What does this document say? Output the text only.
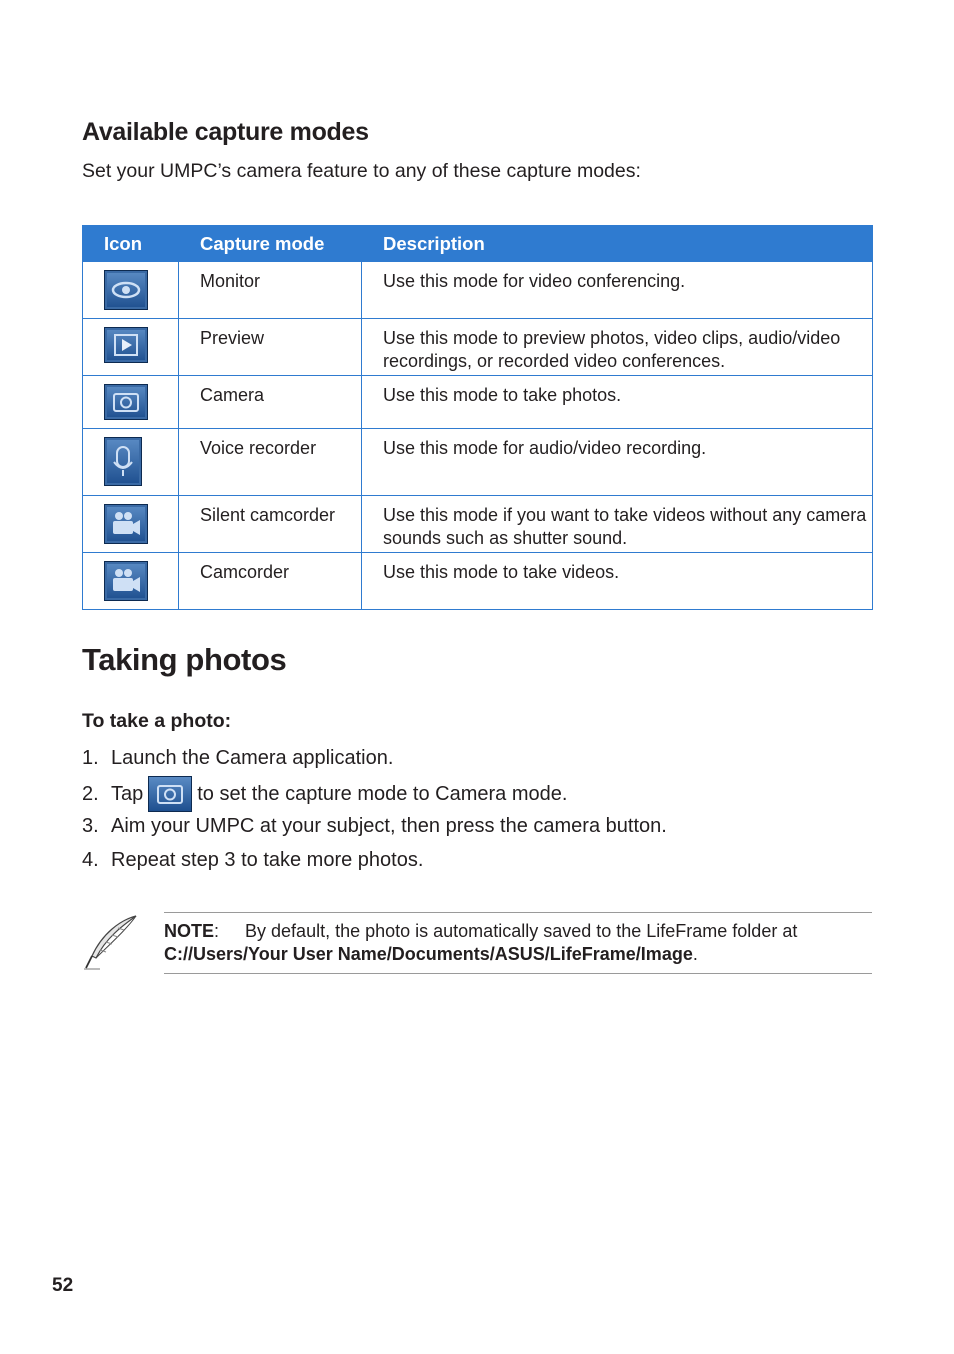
Available capture modes
Set your UMPC’s camera feature to any of these capture modes:
Icon	Capture mode	Description

	Monitor	Use this mode for video conferencing.

	Preview	Use this mode to preview photos, video clips, audio/video recordings, or recorded video conferences.

	Camera	Use this mode to take photos.

	Voice recorder	Use this mode for audio/video recording.

	Silent camcorder	Use this mode if you want to take videos without any camera sounds such as shutter sound.

	Camcorder	Use this mode to take videos.
Taking photos
To take a photo:
1. Launch the Camera application.
2. Tap	to set the capture mode to Camera mode.
3. Aim your UMPC at your subject, then press the camera button.
4. Repeat step 3 to take more photos.
NOTE: By default, the photo is automatically saved to the LifeFrame folder at C://Users/Your User Name/Documents/ASUS/LifeFrame/Image.
52
